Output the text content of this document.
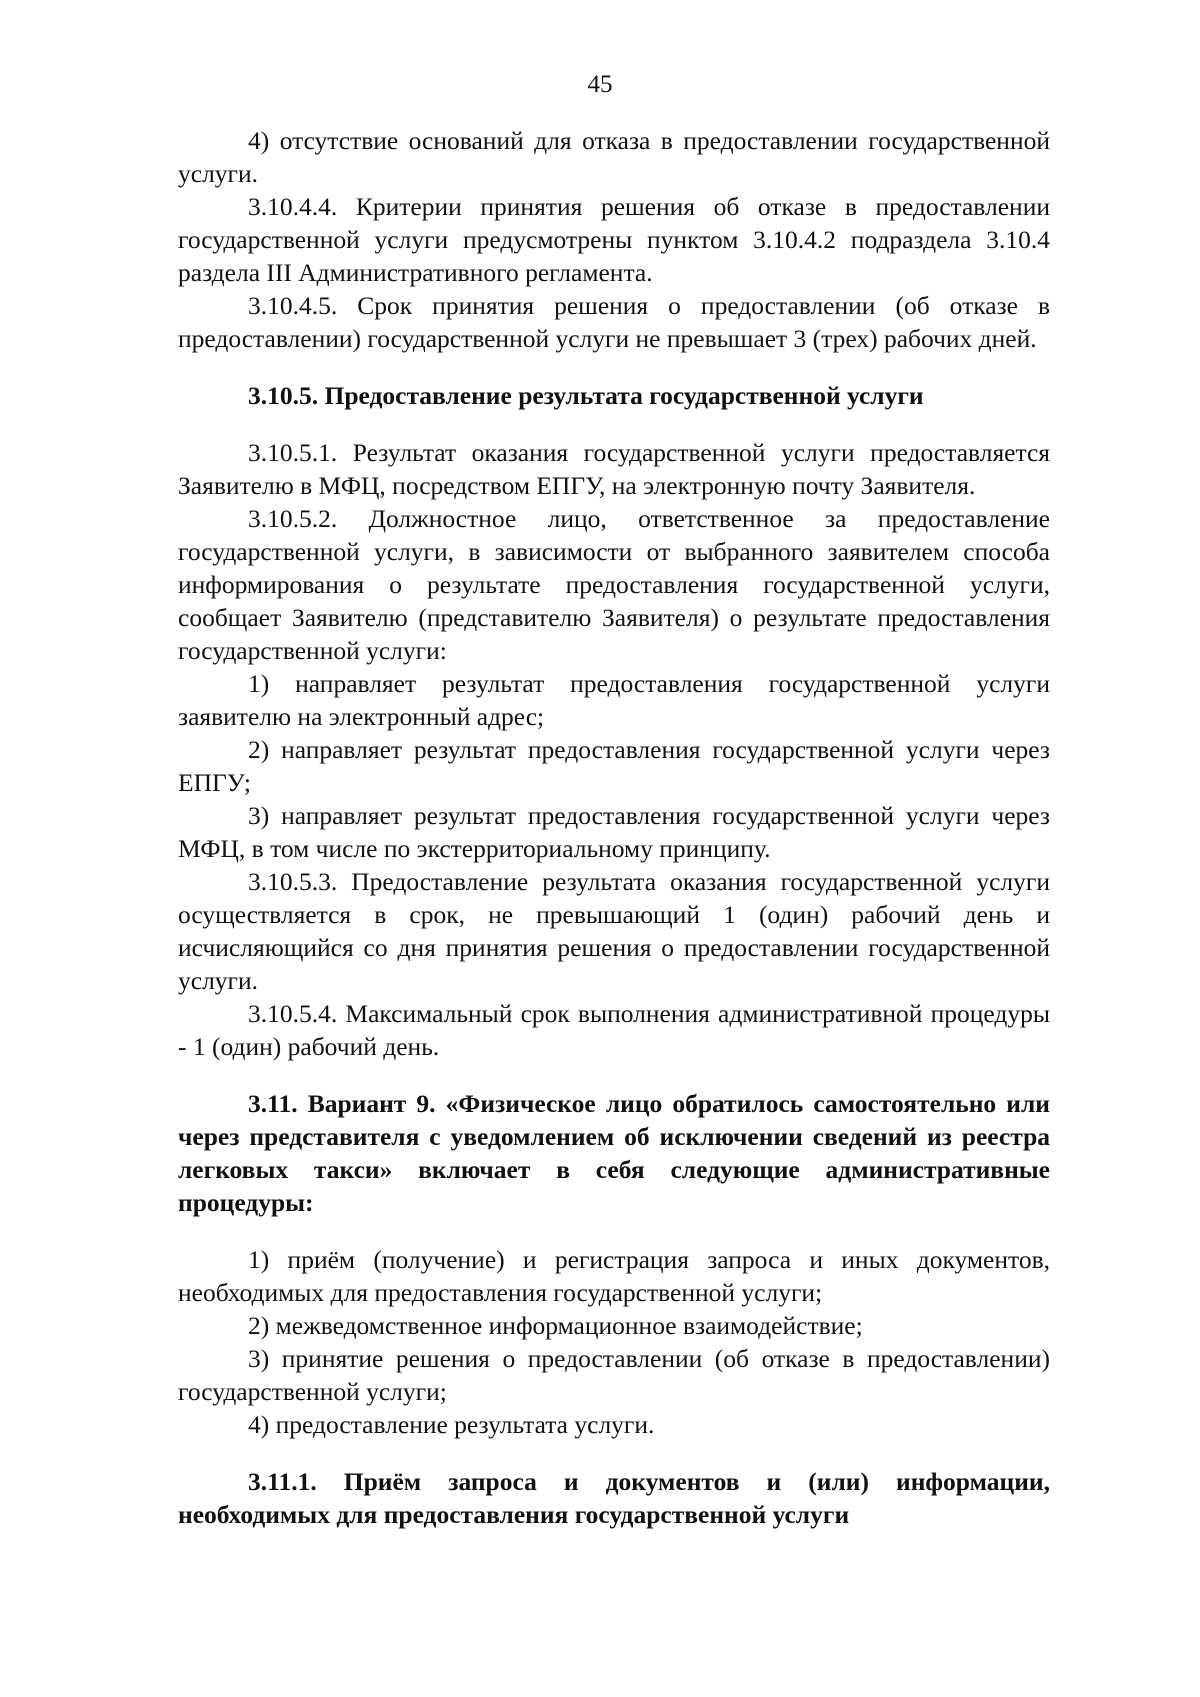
45

4) отсутствие оснований для отказа в предоставлении государственной услуги.

3.10.4.4. Критерии принятия решения об отказе в предоставлении государственной услуги предусмотрены пунктом 3.10.4.2 подраздела 3.10.4 раздела III Административного регламента.

3.10.4.5. Срок принятия решения о предоставлении (об отказе в предоставлении) государственной услуги не превышает 3 (трех) рабочих дней.

3.10.5. Предоставление результата государственной услуги

3.10.5.1. Результат оказания государственной услуги предоставляется Заявителю в МФЦ, посредством ЕПГУ, на электронную почту Заявителя.

3.10.5.2. Должностное лицо, ответственное за предоставление государственной услуги, в зависимости от выбранного заявителем способа информирования о результате предоставления государственной услуги, сообщает Заявителю (представителю Заявителя) о результате предоставления государственной услуги:

1) направляет результат предоставления государственной услуги заявителю на электронный адрес;

2) направляет результат предоставления государственной услуги через ЕПГУ;

3) направляет результат предоставления государственной услуги через МФЦ, в том числе по экстерриториальному принципу.

3.10.5.3. Предоставление результата оказания государственной услуги осуществляется в срок, не превышающий 1 (один) рабочий день и исчисляющийся со дня принятия решения о предоставлении государственной услуги.

3.10.5.4. Максимальный срок выполнения административной процедуры - 1 (один) рабочий день.

3.11. Вариант 9. «Физическое лицо обратилось самостоятельно или через представителя с уведомлением об исключении сведений из реестра легковых такси» включает в себя следующие административные процедуры:

1) приём (получение) и регистрация запроса и иных документов, необходимых для предоставления государственной услуги;

2) межведомственное информационное взаимодействие;

3) принятие решения о предоставлении (об отказе в предоставлении) государственной услуги;

4) предоставление результата услуги.

3.11.1. Приём запроса и документов и (или) информации, необходимых для предоставления государственной услуги
